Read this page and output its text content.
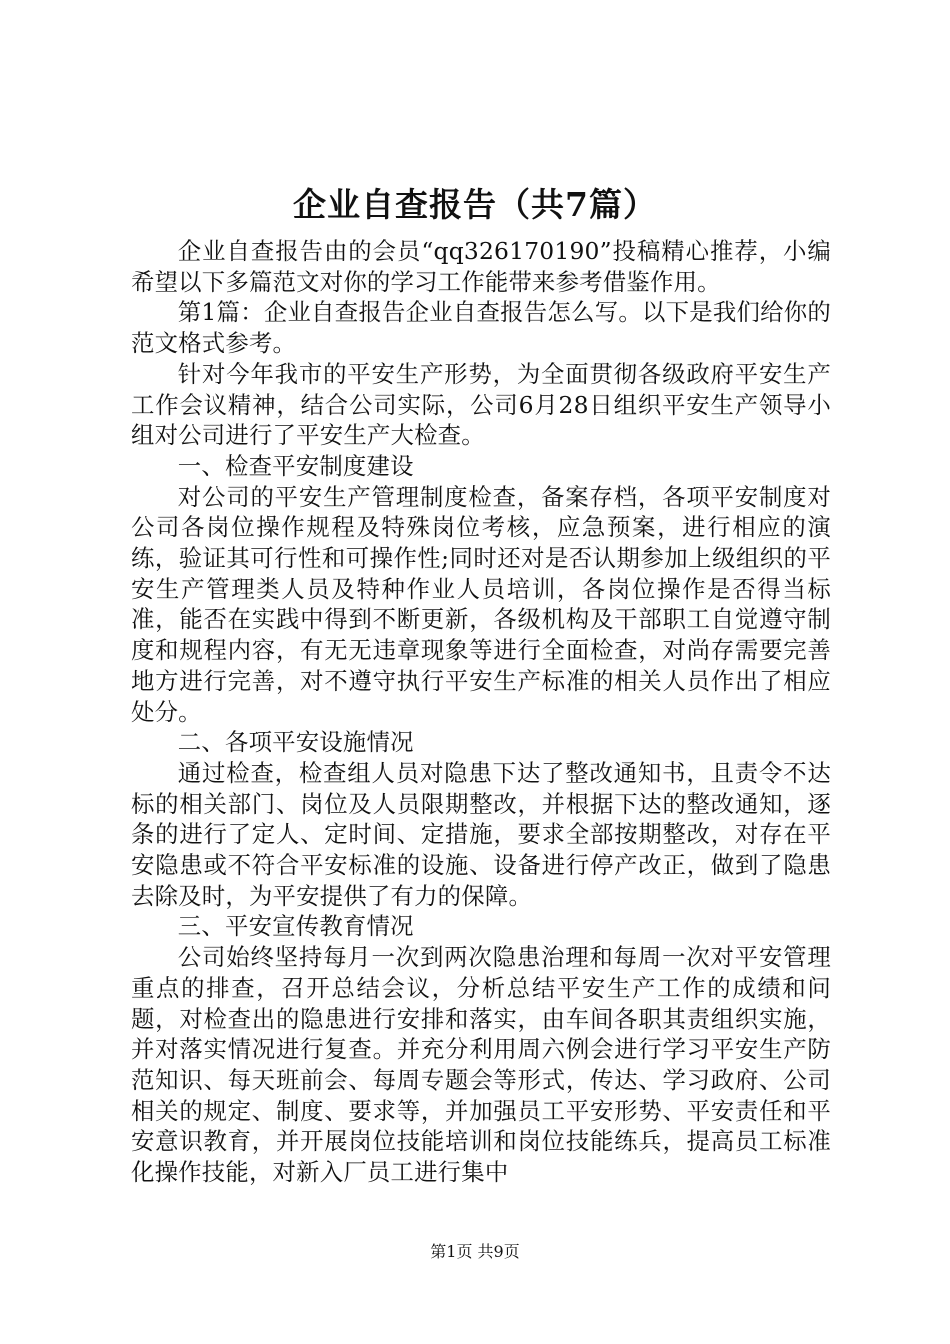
企业自查报告（共7篇）

企业自查报告由的会员“qq326170190”投稿精心推荐，小编希望以下多篇范文对你的学习工作能带来参考借鉴作用。

第1篇：企业自查报告企业自查报告怎么写。以下是我们给你的范文格式参考。

针对今年我市的平安生产形势，为全面贯彻各级政府平安生产工作会议精神，结合公司实际，公司6月28日组织平安生产领导小组对公司进行了平安生产大检查。

一、检查平安制度建设

对公司的平安生产管理制度检查，备案存档，各项平安制度对公司各岗位操作规程及特殊岗位考核，应急预案，进行相应的演练，验证其可行性和可操作性;同时还对是否认期参加上级组织的平安生产管理类人员及特种作业人员培训，各岗位操作是否得当标准，能否在实践中得到不断更新，各级机构及干部职工自觉遵守制度和规程内容，有无无违章现象等进行全面检查，对尚存需要完善地方进行完善，对不遵守执行平安生产标准的相关人员作出了相应处分。

二、各项平安设施情况

通过检查，检查组人员对隐患下达了整改通知书，且责令不达标的相关部门、岗位及人员限期整改，并根据下达的整改通知，逐条的进行了定人、定时间、定措施，要求全部按期整改，对存在平安隐患或不符合平安标准的设施、设备进行停产改正，做到了隐患去除及时，为平安提供了有力的保障。

三、平安宣传教育情况

公司始终坚持每月一次到两次隐患治理和每周一次对平安管理重点的排查，召开总结会议，分析总结平安生产工作的成绩和问题，对检查出的隐患进行安排和落实，由车间各职其责组织实施，并对落实情况进行复查。并充分利用周六例会进行学习平安生产防范知识、每天班前会、每周专题会等形式，传达、学习政府、公司相关的规定、制度、要求等，并加强员工平安形势、平安责任和平安意识教育，并开展岗位技能培训和岗位技能练兵，提高员工标准化操作技能，对新入厂员工进行集中

第1页 共9页
